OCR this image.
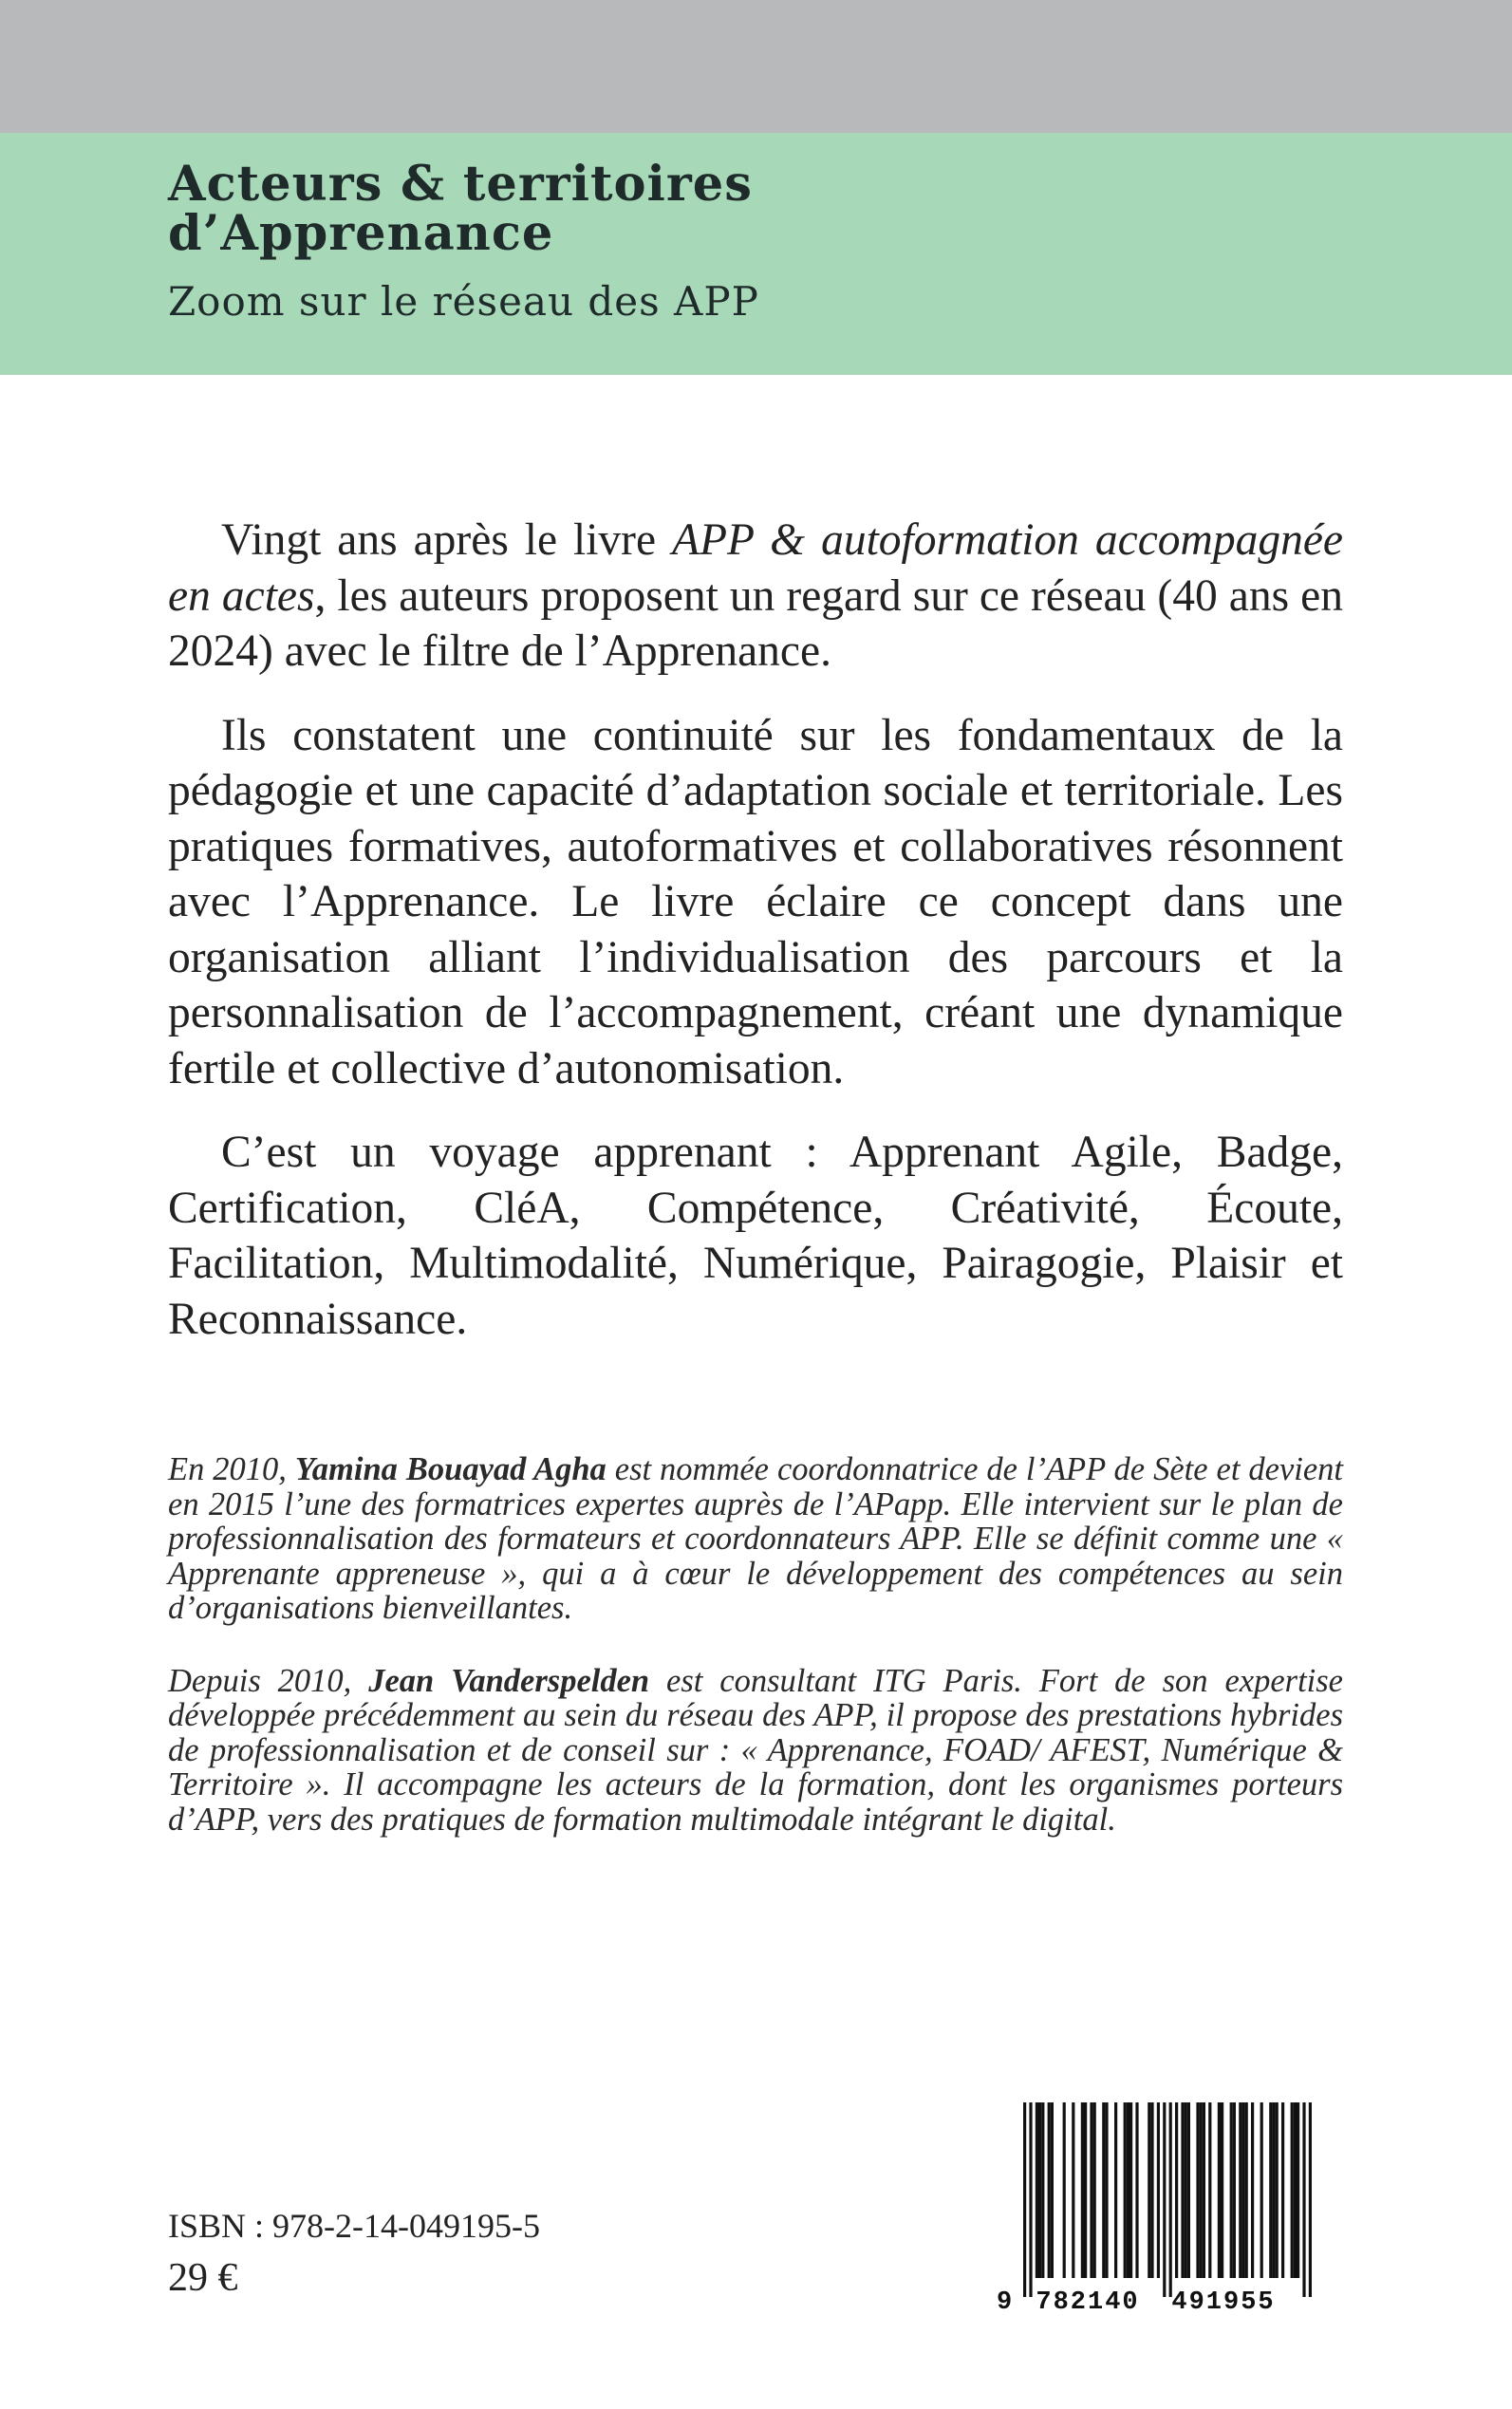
Acteurs & territoires
d’Apprenance
Zoom sur le réseau des APP

Vingt ans après le livre APP & autoformation accompagnée en actes, les auteurs proposent un regard sur ce réseau (40 ans en 2024) avec le filtre de l’Apprenance.

Ils constatent une continuité sur les fondamentaux de la pédagogie et une capacité d’adaptation sociale et territoriale. Les pratiques formatives, autoformatives et collaboratives résonnent avec l’Apprenance. Le livre éclaire ce concept dans une organisation alliant l’individualisation des parcours et la personnalisation de l’accompagnement, créant une dynamique fertile et collective d’autonomisation.

C’est un voyage apprenant : Apprenant Agile, Badge, Certification, CléA, Compétence, Créativité, Écoute, Facilitation, Multimodalité, Numérique, Pairagogie, Plaisir et Reconnaissance.

En 2010, Yamina Bouayad Agha est nommée coordonnatrice de l’APP de Sète et devient en 2015 l’une des formatrices expertes auprès de l’APapp. Elle intervient sur le plan de professionnalisation des formateurs et coordonnateurs APP. Elle se définit comme une « Apprenante appreneuse », qui a à cœur le développement des compétences au sein d’organisations bienveillantes.

Depuis 2010, Jean Vanderspelden est consultant ITG Paris. Fort de son expertise développée précédemment au sein du réseau des APP, il propose des prestations hybrides de professionnalisation et de conseil sur : « Apprenance, FOAD/ AFEST, Numérique & Territoire ». Il accompagne les acteurs de la formation, dont les organismes porteurs d’APP, vers des pratiques de formation multimodale intégrant le digital.

ISBN : 978-2-14-049195-5
29 €
9 782140 491955
